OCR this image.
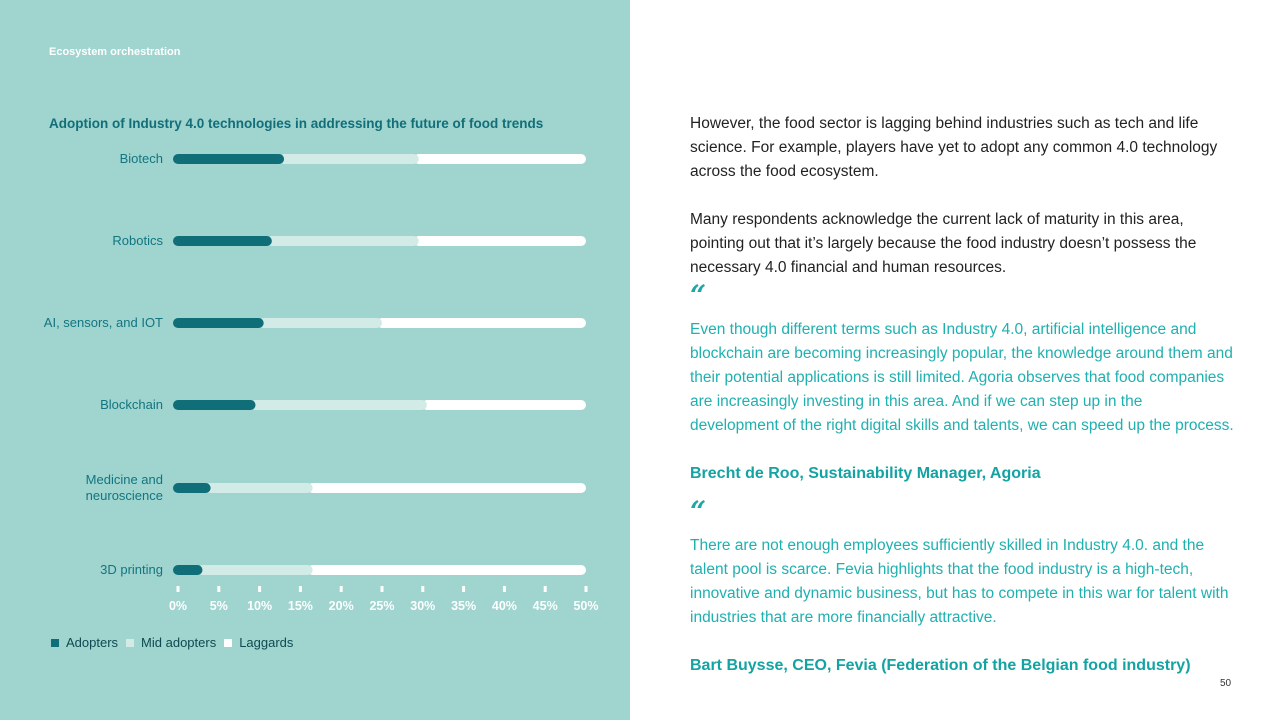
Ecosystem orchestration
Adoption of Industry 4.0 technologies in addressing the future of food trends
Biotech
Robotics
AI, sensors, and IOT
Blockchain
Medicine and neuroscience
3D printing
0% 5% 10% 15% 20% 25% 30% 35% 40% 45% 50%
Adopters Mid adopters Laggards

However, the food sector is lagging behind industries such as tech and life science. For example, players have yet to adopt any common 4.0 technology across the food ecosystem.

Many respondents acknowledge the current lack of maturity in this area, pointing out that it’s largely because the food industry doesn’t possess the necessary 4.0 financial and human resources.

“

Even though different terms such as Industry 4.0, artificial intelligence and blockchain are becoming increasingly popular, the knowledge around them and their potential applications is still limited. Agoria observes that food companies are increasingly investing in this area. And if we can step up in the development of the right digital skills and talents, we can speed up the process.

Brecht de Roo, Sustainability Manager, Agoria
“

There are not enough employees sufficiently skilled in Industry 4.0. and the talent pool is scarce. Fevia highlights that the food industry is a high-tech, innovative and dynamic business, but has to compete in this war for talent with industries that are more financially attractive.

Bart Buysse, CEO, Fevia (Federation of the Belgian food industry)
50
